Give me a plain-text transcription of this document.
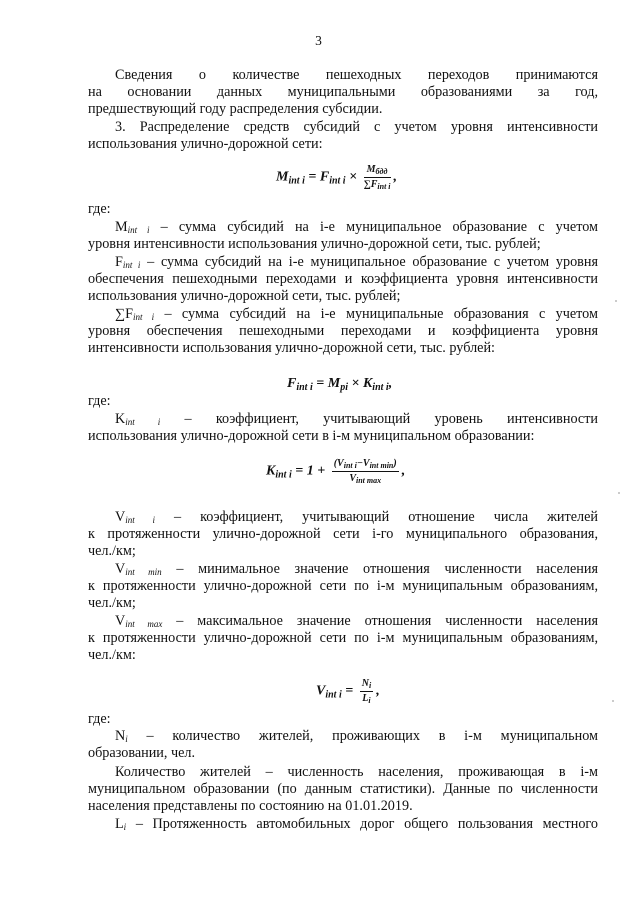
3
Сведения о количестве пешеходных переходов принимаются
на основании данных муниципальными образованиями за год,
предшествующий году распределения субсидии.
3. Распределение средств субсидий с учетом уровня интенсивности
использования улично-дорожной сети:
$M_{int i} = F_{int i} \times \frac{M_{бдд}}{\sum F_{int i}}$ ,
где:
Mint i – сумма субсидий на i-е муниципальное образование с учетом
уровня интенсивности использования улично-дорожной сети, тыс. рублей;
Fint i – сумма субсидий на i-е муниципальное образование с учетом уровня
обеспечения пешеходными переходами и коэффициента уровня интенсивности
использования улично-дорожной сети, тыс. рублей;
∑Fint i – сумма субсидий на i-е муниципальные образования с учетом
уровня обеспечения пешеходными переходами и коэффициента уровня
интенсивности использования улично-дорожной сети, тыс. рублей:
$F_{int i} = M_{pi} \times K_{int i}$,
где:
Kint i – коэффициент, учитывающий уровень интенсивности
использования улично-дорожной сети в i-м муниципальном образовании:
$K_{int i} = 1 + \frac{(V_{int i}-V_{int min})}{V_{int max}}$ ,
Vint i – коэффициент, учитывающий отношение числа жителей
к протяженности улично-дорожной сети i-го муниципального образования,
чел./км;
Vint min – минимальное значение отношения численности населения
к протяженности улично-дорожной сети по i-м муниципальным образованиям,
чел./км;
Vint max – максимальное значение отношения численности населения
к протяженности улично-дорожной сети по i-м муниципальным образованиям,
чел./км:
$V_{int i} = \frac{N_i}{L_i}$ ,
где:
Ni – количество жителей, проживающих в i-м муниципальном
образовании, чел.
Количество жителей – численность населения, проживающая в i-м
муниципальном образовании (по данным статистики). Данные по численности
населения представлены по состоянию на 01.01.2019.
Li – Протяженность автомобильных дорог общего пользования местного
